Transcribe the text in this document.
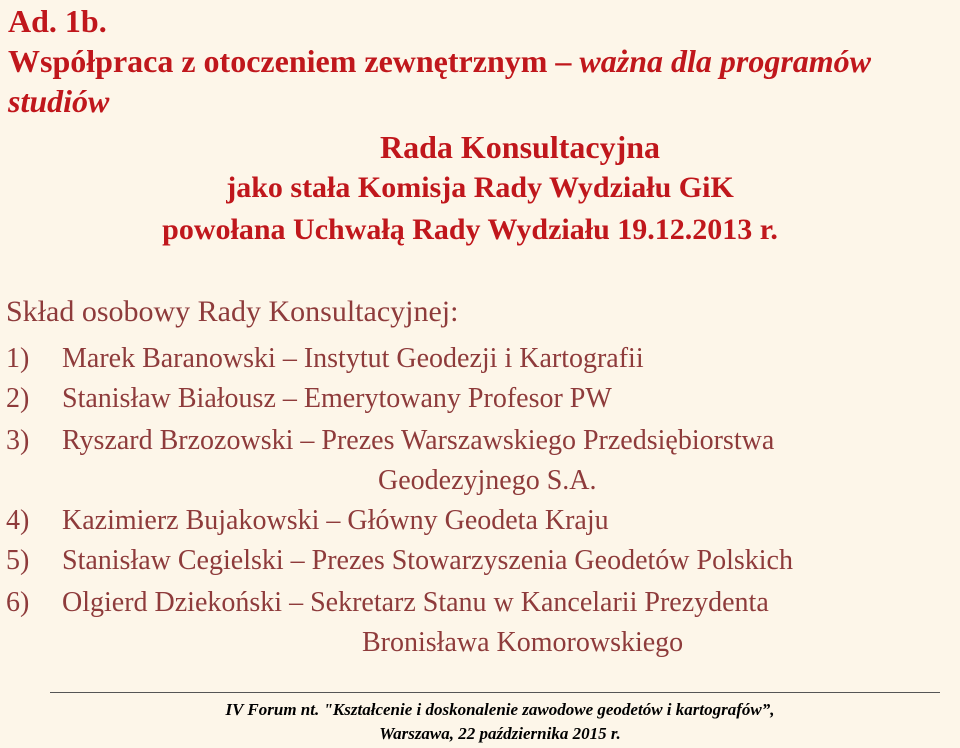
Ad. 1b.
Współpraca z otoczeniem zewnętrznym – ważna dla programów
studiów
Rada Konsultacyjna
jako stała Komisja Rady Wydziału GiK
powołana Uchwałą Rady Wydziału 19.12.2013 r.
Skład osobowy Rady Konsultacyjnej:
1) Marek Baranowski – Instytut Geodezji i Kartografii
2) Stanisław Białousz – Emerytowany Profesor PW
3) Ryszard Brzozowski – Prezes Warszawskiego Przedsiębiorstwa
Geodezyjnego S.A.
4) Kazimierz Bujakowski – Główny Geodeta Kraju
5) Stanisław Cegielski – Prezes Stowarzyszenia Geodetów Polskich
6) Olgierd Dziekoński – Sekretarz Stanu w Kancelarii Prezydenta
Bronisława Komorowskiego
IV Forum nt. "Kształcenie i doskonalenie zawodowe geodetów i kartografów”,
Warszawa, 22 października 2015 r.
